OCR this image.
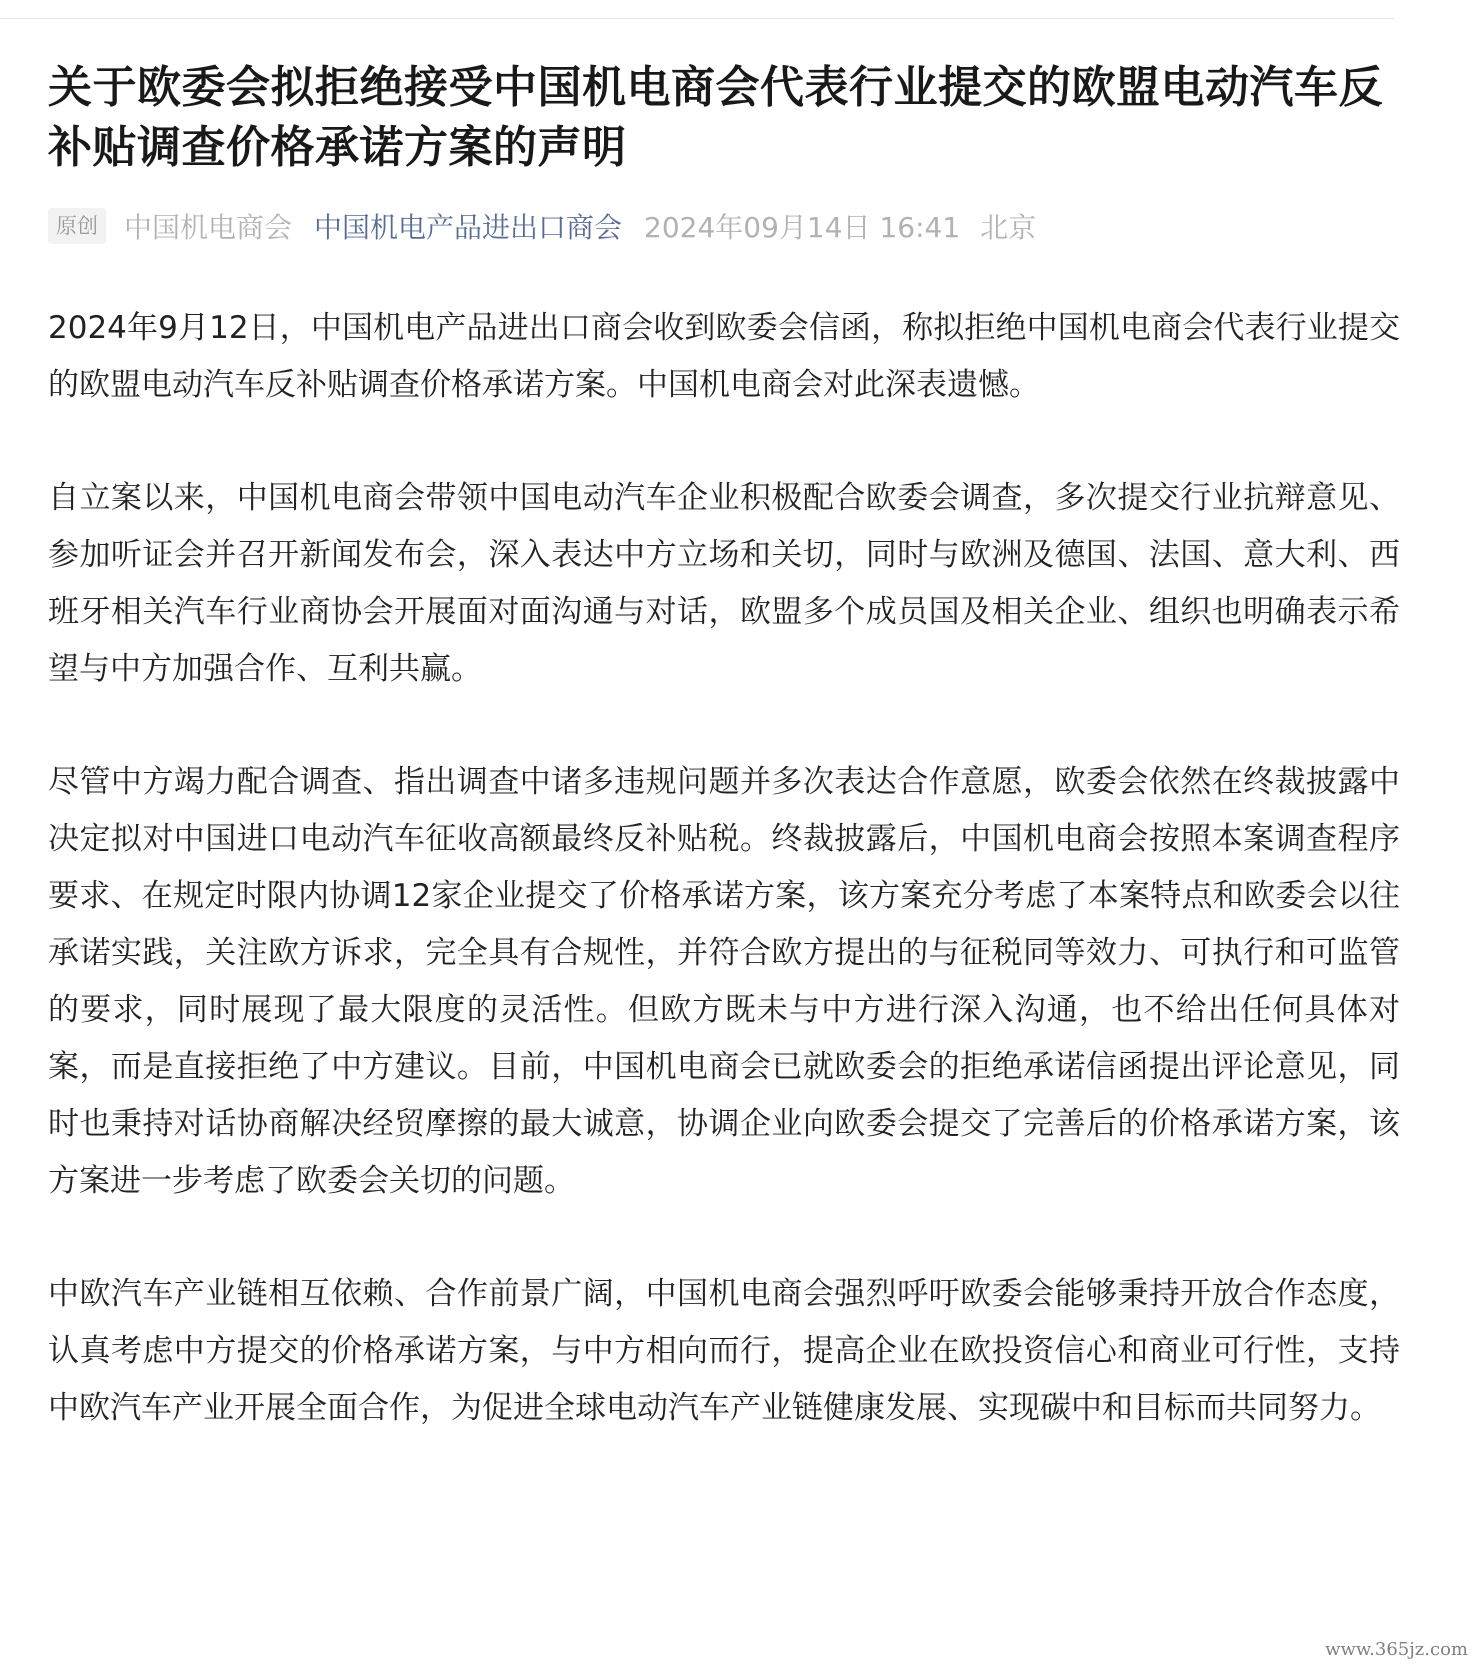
关于欧委会拟拒绝接受中国机电商会代表行业提交的欧盟电动汽车反补贴调查价格承诺方案的声明
原创 中国机电商会 中国机电产品进出口商会 2024年09月14日 16:41 北京

2024年9月12日，中国机电产品进出口商会收到欧委会信函，称拟拒绝中国机电商会代表行业提交的欧盟电动汽车反补贴调查价格承诺方案。中国机电商会对此深表遗憾。

自立案以来，中国机电商会带领中国电动汽车企业积极配合欧委会调查，多次提交行业抗辩意见、参加听证会并召开新闻发布会，深入表达中方立场和关切，同时与欧洲及德国、法国、意大利、西班牙相关汽车行业商协会开展面对面沟通与对话，欧盟多个成员国及相关企业、组织也明确表示希望与中方加强合作、互利共赢。

尽管中方竭力配合调查、指出调查中诸多违规问题并多次表达合作意愿，欧委会依然在终裁披露中决定拟对中国进口电动汽车征收高额最终反补贴税。终裁披露后，中国机电商会按照本案调查程序要求、在规定时限内协调12家企业提交了价格承诺方案，该方案充分考虑了本案特点和欧委会以往承诺实践，关注欧方诉求，完全具有合规性，并符合欧方提出的与征税同等效力、可执行和可监管的要求，同时展现了最大限度的灵活性。但欧方既未与中方进行深入沟通，也不给出任何具体对案，而是直接拒绝了中方建议。目前，中国机电商会已就欧委会的拒绝承诺信函提出评论意见，同时也秉持对话协商解决经贸摩擦的最大诚意，协调企业向欧委会提交了完善后的价格承诺方案，该方案进一步考虑了欧委会关切的问题。

中欧汽车产业链相互依赖、合作前景广阔，中国机电商会强烈呼吁欧委会能够秉持开放合作态度，认真考虑中方提交的价格承诺方案，与中方相向而行，提高企业在欧投资信心和商业可行性，支持中欧汽车产业开展全面合作，为促进全球电动汽车产业链健康发展、实现碳中和目标而共同努力。

www.365jz.com
